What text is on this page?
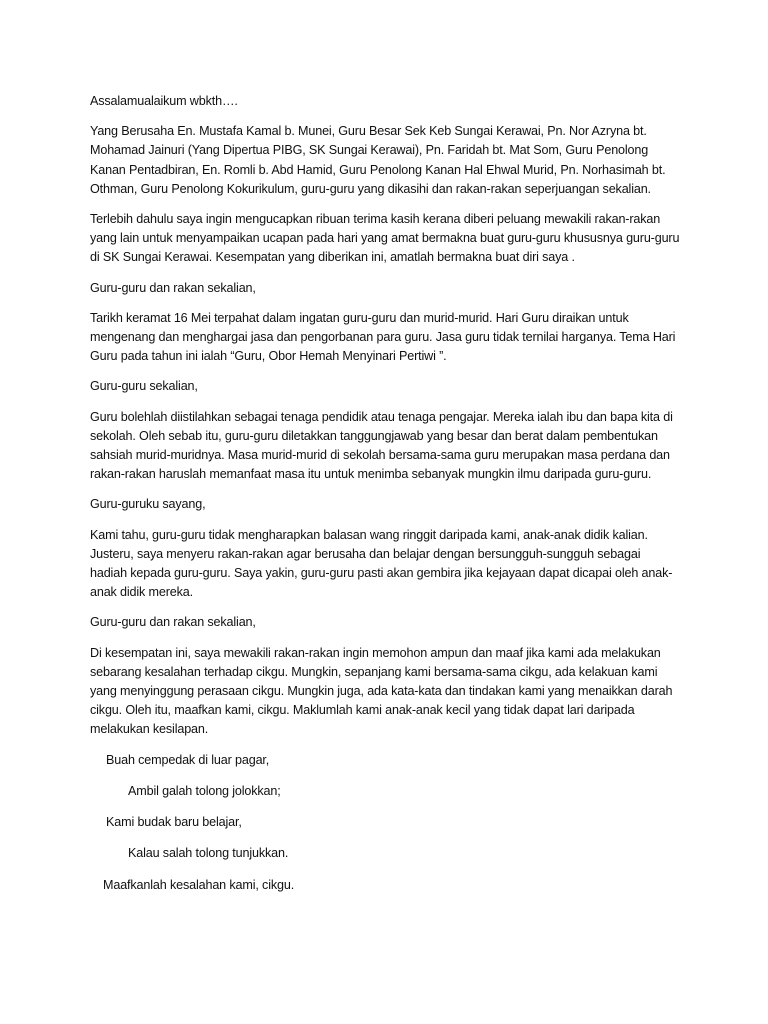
Assalamualaikum wbkth….

Yang Berusaha En. Mustafa Kamal b. Munei, Guru Besar Sek Keb Sungai Kerawai, Pn. Nor Azryna bt. Mohamad Jainuri (Yang Dipertua PIBG, SK Sungai Kerawai), Pn. Faridah bt. Mat Som, Guru Penolong Kanan Pentadbiran, En. Romli b. Abd Hamid, Guru Penolong Kanan Hal Ehwal Murid, Pn. Norhasimah bt. Othman, Guru Penolong Kokurikulum, guru-guru yang dikasihi dan rakan-rakan seperjuangan sekalian.

Terlebih dahulu saya ingin mengucapkan ribuan terima kasih kerana diberi peluang mewakili rakan-rakan yang lain untuk menyampaikan ucapan pada hari yang amat bermakna buat guru-guru khususnya guru-guru di SK Sungai Kerawai. Kesempatan yang diberikan ini, amatlah bermakna buat diri saya .

Guru-guru dan rakan sekalian,

Tarikh keramat 16 Mei terpahat dalam ingatan guru-guru dan murid-murid. Hari Guru diraikan untuk mengenang dan menghargai jasa dan pengorbanan para guru. Jasa guru tidak ternilai harganya. Tema Hari Guru pada tahun ini ialah “Guru, Obor Hemah Menyinari Pertiwi ”.

Guru-guru sekalian,

Guru bolehlah diistilahkan sebagai tenaga pendidik atau tenaga pengajar. Mereka ialah ibu dan bapa kita di sekolah. Oleh sebab itu, guru-guru diletakkan tanggungjawab yang besar dan berat dalam pembentukan sahsiah murid-muridnya. Masa murid-murid di sekolah bersama-sama guru merupakan masa perdana dan rakan-rakan haruslah memanfaat masa itu untuk menimba sebanyak mungkin ilmu daripada guru-guru.

Guru-guruku sayang,

Kami tahu, guru-guru tidak mengharapkan balasan wang ringgit daripada kami, anak-anak didik kalian. Justeru, saya menyeru rakan-rakan agar berusaha dan belajar dengan bersungguh-sungguh sebagai hadiah kepada guru-guru. Saya yakin, guru-guru pasti akan gembira jika kejayaan dapat dicapai oleh anak-anak didik mereka.

Guru-guru dan rakan sekalian,

Di kesempatan ini, saya mewakili rakan-rakan ingin memohon ampun dan maaf jika kami ada melakukan sebarang kesalahan terhadap cikgu. Mungkin, sepanjang kami bersama-sama cikgu, ada kelakuan kami yang menyinggung perasaan cikgu. Mungkin juga, ada kata-kata dan tindakan kami yang menaikkan darah cikgu. Oleh itu, maafkan kami, cikgu. Maklumlah kami anak-anak kecil yang tidak dapat lari daripada melakukan kesilapan.

Buah cempedak di luar pagar,
Ambil galah tolong jolokkan;
Kami budak baru belajar,
Kalau salah tolong tunjukkan.
Maafkanlah kesalahan kami, cikgu.
